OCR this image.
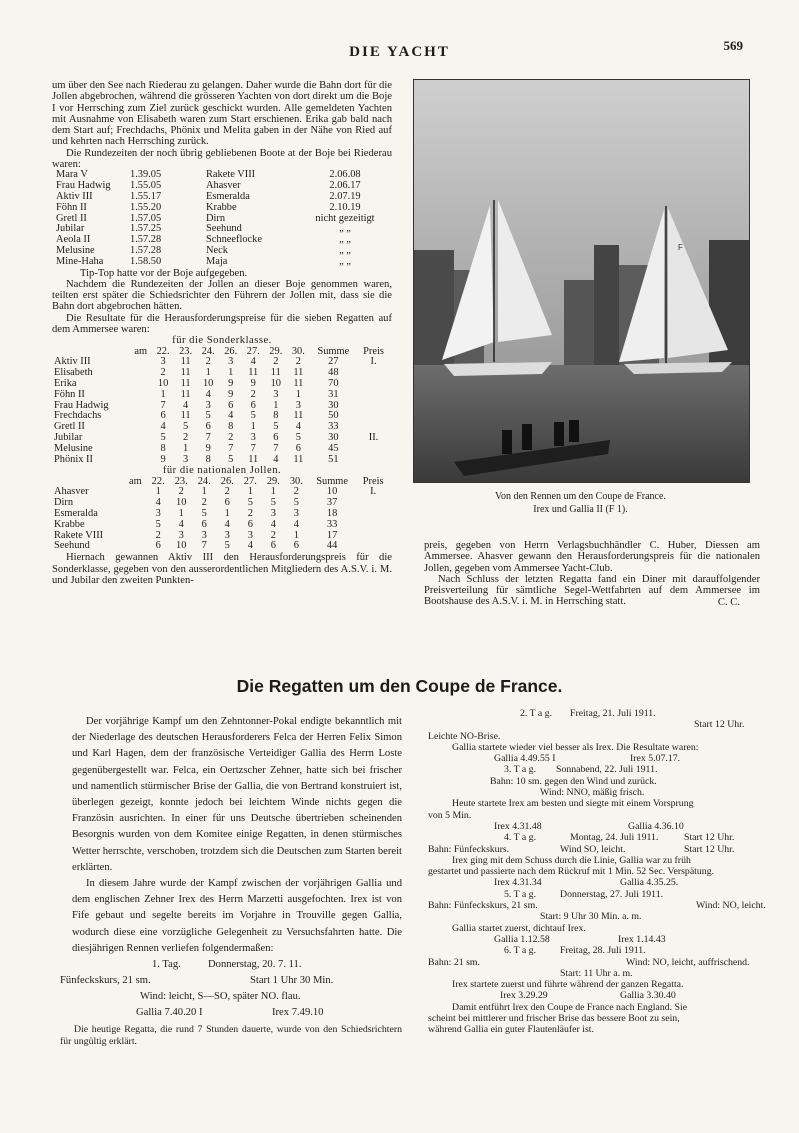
DIE YACHT	569

um über den See nach Riederau zu gelangen. Daher wurde die Bahn dort für die Jollen abgebrochen, während die grösseren Yachten von dort direkt um die Boje I vor Herrsching zum Ziel zurück geschickt wurden. Alle gemeldeten Yachten mit Ausnahme von Elisabeth waren zum Start erschienen. Erika gab bald nach dem Start auf; Frechdachs, Phönix und Melita gaben in der Nähe von Ried auf und kehrten nach Herrsching zurück.

Die Rundezeiten der noch übrig gebliebenen Boote at der Boje bei Riederau waren:

Mara V	1.39.05	Rakete VIII	2.06.08
Frau Hadwig	1.55.05	Ahasver	2.06.17
Aktiv III	1.55.17	Esmeralda	2.07.19
Föhn II	1.55.20	Krabbe	2.10.19
Gretl II	1.57.05	Dirn	nicht gezeitigt
Jubilar	1.57.25	Seehund	„ „
Aeola II	1.57.28	Schneeflocke	„ „
Melusine	1.57.28	Neck	„ „
Mine-Haha	1.58.50	Maja	„ „

Tip-Top hatte vor der Boje aufgegeben.

Nachdem die Rundezeiten der Jollen an dieser Boje genommen waren, teilten erst später die Schiedsrichter den Führern der Jollen mit, dass sie die Bahn dort abgebrochen hätten.

Die Resultate für die Herausforderungspreise für die sieben Regatten auf dem Ammersee waren:

für die Sonderklasse.
	am	22.	23.	24.	26.	27.	29.	30.	Summe	Preis
Aktiv III		3	11	2	3	4	2	2	27	I.
Elisabeth		2	11	1	1	11	11	11	48	
Erika		10	11	10	9	9	10	11	70	
Föhn II		1	11	4	9	2	3	1	31	
Frau Hadwig		7	4	3	6	6	1	3	30	
Frechdachs		6	11	5	4	5	8	11	50	
Gretl II		4	5	6	8	1	5	4	33	
Jubilar		5	2	7	2	3	6	5	30	II.
Melusine		8	1	9	7	7	7	6	45	
Phönix II		9	3	8	5	11	4	11	51	
für die nationalen Jollen.
	am	22.	23.	24.	26.	27.	29.	30.	Summe	Preis
Ahasver		1	2	1	2	1	1	2	10	I.
Dirn		4	10	2	6	5	5	5	37	
Esmeralda		3	1	5	1	2	3	3	18	
Krabbe		5	4	6	4	6	4	4	33	
Rakete VIII		2	3	3	3	3	2	1	17	
Seehund		6	10	7	5	4	6	6	44	

Hiernach gewannen Aktiv III den Herausforderungspreis für die Sonderklasse, gegeben von den ausserordentlichen Mitgliedern des A.S.V. i. M. und Jubilar den zweiten Punkten-

F
Von den Rennen um den Coupe de France.
Irex und Gallia II (F 1).

preis, gegeben von Herrn Verlagsbuchhändler C. Huber, Diessen am Ammersee. Ahasver gewann den Herausforderungspreis für die nationalen Jollen, gegeben vom Ammersee Yacht-Club.

Nach Schluss der letzten Regatta fand ein Diner mit darauffolgender Preisverteilung für sämtliche Segel-Wettfahrten auf dem Ammersee im Bootshause des A.S.V. i. M. in Herrsching statt.	C. C.
Die Regatten um den Coupe de France.

Der vorjährige Kampf um den Zehntonner-Pokal endigte bekanntlich mit der Niederlage des deutschen Herausforderers Felca der Herren Felix Simon und Karl Hagen, dem der französische Verteidiger Gallia des Herrn Loste gegenübergestellt war. Felca, ein Oertzscher Zehner, hatte sich bei frischer und namentlich stürmischer Brise der Gallia, die von Bertrand konstruiert ist, überlegen gezeigt, konnte jedoch bei leichtem Winde nichts gegen die Französin ausrichten. In einer für uns Deutsche übertrieben scheinenden Besorgnis wurden von dem Komitee einige Regatten, in denen stürmisches Wetter herrschte, verschoben, trotzdem sich die Deutschen zum Starten bereit erklärten.

In diesem Jahre wurde der Kampf zwischen der vorjährigen Gallia und dem englischen Zehner Irex des Herrn Marzetti ausgefochten. Irex ist von Fife gebaut und segelte bereits im Vorjahre in Trouville gegen Gallia, wodurch diese eine vorzügliche Gelegenheit zu Versuchsfahrten hatte. Die diesjährigen Rennen verliefen folgendermaßen:

1. Tag.	Donnerstag, 20. 7. 11.
Fünfeckskurs, 21 sm.	Start 1 Uhr 30 Min.
Wind: leicht, S—SO, später NO. flau.
Gallia 7.40.20 I	Irex 7.49.10

Die heutige Regatta, die rund 7 Stunden dauerte, wurde von den Schiedsrichtern für ungültig erklärt.

2. T a g. Freitag, 21. Juli 1911.
Start 12 Uhr.
Leichte NO-Brise.
Gallia startete wieder viel besser als Irex. Die Resultate waren:
Gallia 4.49.55 I	Irex 5.07.17.
3. T a g. Sonnabend, 22. Juli 1911.
Bahn: 10 sm. gegen den Wind und zurück.
Wind: NNO, mäßig frisch.
Heute startete Irex am besten und siegte mit einem Vorsprung
von 5 Min.
Irex 4.31.48	Gallia 4.36.10
4. T a g.	Montag, 24. Juli 1911.	Start 12 Uhr.
Bahn: Fünfeckskurs.	Wind SO, leicht.	Start 12 Uhr.
Irex ging mit dem Schuss durch die Linie, Gallia war zu früh
gestartet und passierte nach dem Rückruf mit 1 Min. 52 Sec. Verspätung.
Irex 4.31.34	Gallia 4.35.25.
5. T a g. Donnerstag, 27. Juli 1911.
Bahn: Fünfeckskurs, 21 sm.	Wind: NO, leicht.
Start: 9 Uhr 30 Min. a. m.
Gallia startet zuerst, dichtauf Irex.
Gallia 1.12.58	Irex 1.14.43
6. T a g. Freitag, 28. Juli 1911.
Bahn: 21 sm.	Wind: NO, leicht, auffrischend.
Start: 11 Uhr a. m.
Irex startete zuerst und führte während der ganzen Regatta.
Irex 3.29.29	Gallia 3.30.40
Damit entführt Irex den Coupe de France nach England. Sie
scheint bei mittlerer und frischer Brise das bessere Boot zu sein,
während Gallia ein guter Flautenläufer ist.
